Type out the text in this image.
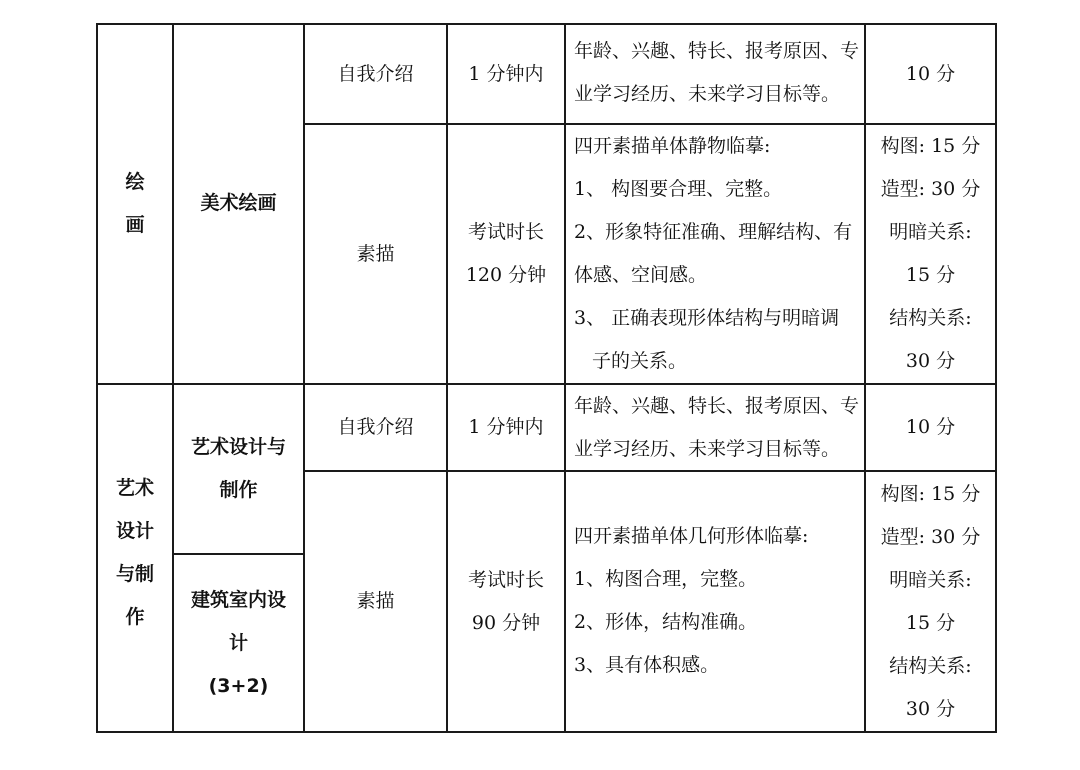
绘
画
美术绘画
自我介绍	1 分钟内
年龄、兴趣、特长、报考原因、专
业学习经历、未来学习目标等。
10 分
素描
考试时长
120 分钟
四开素描单体静物临摹:
1、 构图要合理、完整。
2、形象特征准确、理解结构、有
体感、空间感。
3、 正确表现形体结构与明暗调
子的关系。
构图: 15 分
造型: 30 分
明暗关系:
15 分
结构关系:
30 分
艺术
设计
与制
作
艺术设计与
制作
建筑室内设
计
(3+2)
自我介绍	1 分钟内
年龄、兴趣、特长、报考原因、专
业学习经历、未来学习目标等。
10 分
素描
考试时长
90 分钟
四开素描单体几何形体临摹:
1、构图合理，完整。
2、形体，结构准确。
3、具有体积感。
构图: 15 分
造型: 30 分
明暗关系:
15 分
结构关系:
30 分
